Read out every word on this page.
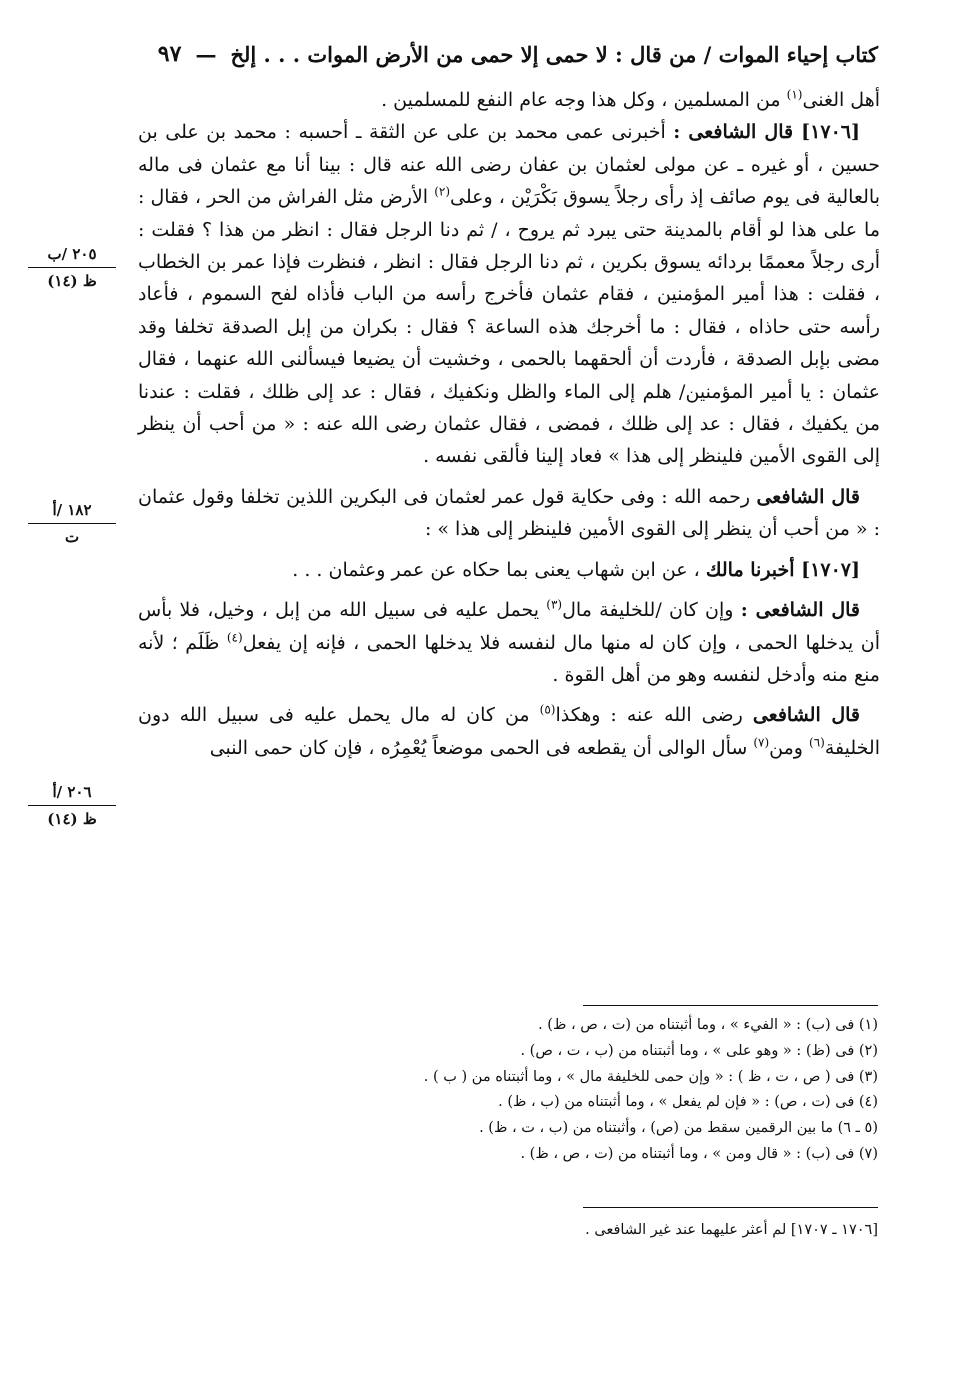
كتاب إحياء الموات / من قال : لا حمى إلا حمى من الأرض الموات . . . إلخ
—
٩٧

أهل الغنى$^{(١)}$ من المسلمين ، وكل هذا وجه عام النفع للمسلمين .

[١٧٠٦] قال الشافعى : أخبرنى عمى محمد بن على عن الثقة ـ أحسبه : محمد بن على بن حسين ، أو غيره ـ عن مولى لعثمان بن عفان رضى الله عنه قال : بينا أنا مع عثمان فى ماله بالعالية فى يوم صائف إذ رأى رجلاً يسوق بَكْرَيْن ، وعلى$^{(٢)}$ الأرض مثل الفراش من الحر ، فقال : ما على هذا لو أقام بالمدينة حتى يبرد ثم يروح ، / ثم دنا الرجل فقال : انظر من هذا ؟ فقلت : أرى رجلاً معممًا بردائه يسوق بكرين ، ثم دنا الرجل فقال : انظر ، فنظرت فإذا عمر بن الخطاب ، فقلت : هذا أمير المؤمنين ، فقام عثمان فأخرج رأسه من الباب فأذاه لفح السموم ، فأعاد رأسه حتى حاذاه ، فقال : ما أخرجك هذه الساعة ؟ فقال : بكران من إبل الصدقة تخلفا وقد مضى بإبل الصدقة ، فأردت أن ألحقهما بالحمى ، وخشيت أن يضيعا فيسألنى الله عنهما ، فقال عثمان : يا أمير المؤمنين/ هلم إلى الماء والظل ونكفيك ، فقال : عد إلى ظلك ، فقلت : عندنا من يكفيك ، فقال : عد إلى ظلك ، فمضى ، فقال عثمان رضى الله عنه : « من أحب أن ينظر إلى القوى الأمين فلينظر إلى هذا » فعاد إلينا فألقى نفسه .

قال الشافعى رحمه الله : وفى حكاية قول عمر لعثمان فى البكرين اللذين تخلفا وقول عثمان : « من أحب أن ينظر إلى القوى الأمين فلينظر إلى هذا » :

[١٧٠٧] أخبرنا مالك ، عن ابن شهاب يعنى بما حكاه عن عمر وعثمان . . .

قال الشافعى : وإن كان /للخليفة مال$^{(٣)}$ يحمل عليه فى سبيل الله من إبل ، وخيل، فلا بأس أن يدخلها الحمى ، وإن كان له منها مال لنفسه فلا يدخلها الحمى ، فإنه إن يفعل$^{(٤)}$ ظَلَم ؛ لأنه منع منه وأدخل لنفسه وهو من أهل القوة .

قال الشافعى رضى الله عنه : وهكذا$^{(٥)}$ من كان له مال يحمل عليه فى سبيل الله دون الخليفة$^{(٦)}$ ومن$^{(٧)}$ سأل الوالى أن يقطعه فى الحمى موضعاً يُعْمِرُه ، فإن كان حمى النبى

٢٠٥ /ب
ظ (١٤)
١٨٢ /أ
ت
٢٠٦ /أ
ظ (١٤)
(١) فى (ب) : « الفيء » ، وما أثبتناه من (ت ، ص ، ظ) .
(٢) فى (ظ) : « وهو على » ، وما أثبتناه من (ب ، ت ، ص) .
(٣) فى ( ص ، ت ، ظ ) : « وإن حمى للخليفة مال » ، وما أثبتناه من ( ب ) .
(٤) فى (ت ، ص) : « فإن لم يفعل » ، وما أثبتناه من (ب ، ظ) .
(٥ ـ ٦) ما بين الرقمين سقط من (ص) ، وأثبتناه من (ب ، ت ، ظ) .
(٧) فى (ب) : « قال ومن » ، وما أثبتناه من (ت ، ص ، ظ) .
[١٧٠٦ ـ ١٧٠٧] لم أعثر عليهما عند غير الشافعى .
